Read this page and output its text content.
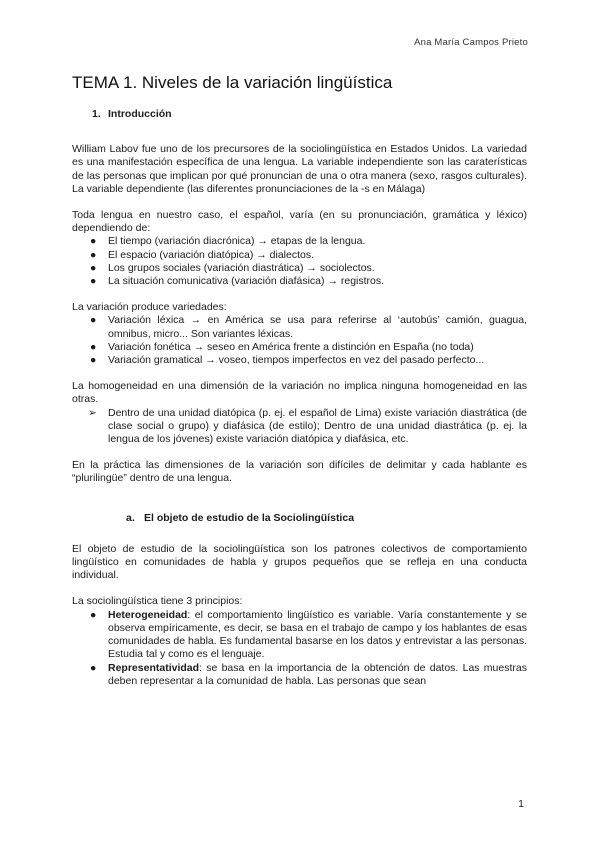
Ana María Campos Prieto
TEMA 1. Niveles de la variación lingüística
1. Introducción

William Labov fue uno de los precursores de la sociolingüística en Estados Unidos. La variedad es una manifestación específica de una lengua. La variable independiente son las caraterísticas de las personas que implican por qué pronuncian de una o otra manera (sexo, rasgos culturales). La variable dependiente (las diferentes pronunciaciones de la -s en Málaga)

Toda lengua en nuestro caso, el español, varía (en su pronunciación, gramática y léxico) dependiendo de:

● El tiempo (variación diacrónica) → etapas de la lengua.
● El espacio (variación diatópica) → dialectos.
● Los grupos sociales (variación diastrática) → sociolectos.
● La situación comunicativa (variación diafásica) → registros.

La variación produce variedades:

● Variación léxica → en América se usa para referirse al ‘autobús’ camión, guagua, omnibus, micro... Son variantes léxicas.
● Variación fonética → seseo en América frente a distinción en España (no toda)
● Variación gramatical → voseo, tiempos imperfectos en vez del pasado perfecto...

La homogeneidad en una dimensión de la variación no implica ninguna homogeneidad en las otras.

➢ Dentro de una unidad diatópica (p. ej. el español de Lima) existe variación diastrática (de clase social o grupo) y diafásica (de estilo); Dentro de una unidad diastrática (p. ej. la lengua de los jóvenes) existe variación diatópica y diafásica, etc.

En la práctica las dimensiones de la variación son difíciles de delimitar y cada hablante es “plurilingüe” dentro de una lengua.

a. El objeto de estudio de la Sociolingüística

El objeto de estudio de la sociolingüística son los patrones colectivos de comportamiento lingüístico en comunidades de habla y grupos pequeños que se refleja en una conducta individual.

La sociolingüística tiene 3 principios:

● Heterogeneidad: el comportamiento lingüístico es variable. Varía constantemente y se observa empíricamente, es decir, se basa en el trabajo de campo y los hablantes de esas comunidades de habla. Es fundamental basarse en los datos y entrevistar a las personas. Estudia tal y como es el lenguaje.
● Representatividad: se basa en la importancia de la obtención de datos. Las muestras deben representar a la comunidad de habla. Las personas que sean
1
